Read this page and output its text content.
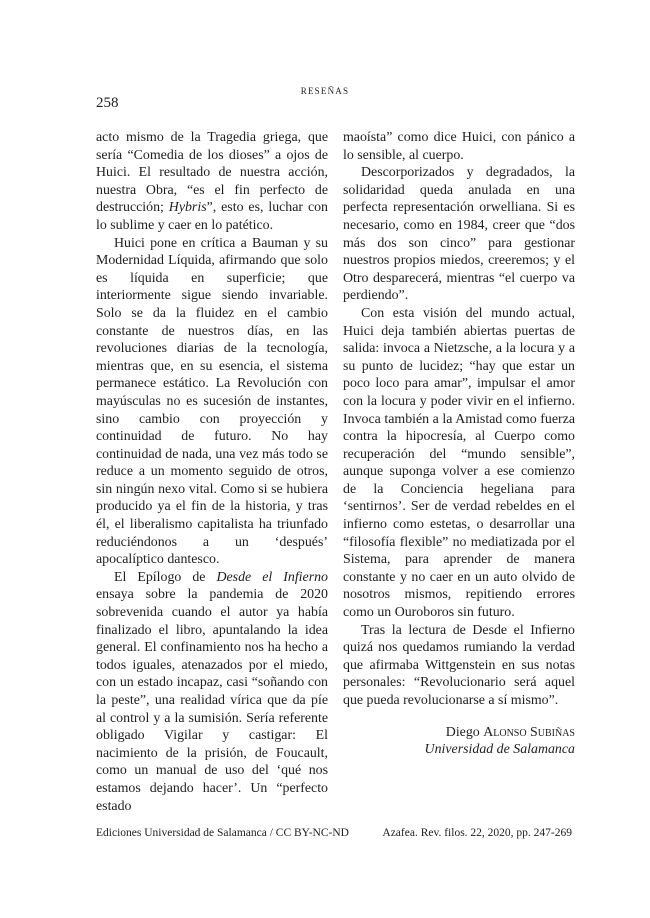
RESEÑAS
258

acto mismo de la Tragedia griega, que sería “Comedia de los dioses” a ojos de Huici. El resultado de nuestra acción, nuestra Obra, “es el fin perfecto de destrucción; Hybris”, esto es, luchar con lo sublime y caer en lo patético.

Huici pone en crítica a Bauman y su Modernidad Líquida, afirmando que solo es líquida en superficie; que interiormente sigue siendo invariable. Solo se da la fluidez en el cambio constante de nuestros días, en las revoluciones diarias de la tecnología, mientras que, en su esencia, el sistema permanece estático. La Revolución con mayúsculas no es sucesión de instantes, sino cambio con proyección y continuidad de futuro. No hay continuidad de nada, una vez más todo se reduce a un momento seguido de otros, sin ningún nexo vital. Como si se hubiera producido ya el fin de la historia, y tras él, el liberalismo capitalista ha triunfado reduciéndonos a un ‘después’ apocalíptico dantesco.

El Epílogo de Desde el Infierno ensaya sobre la pandemia de 2020 sobrevenida cuando el autor ya había finalizado el libro, apuntalando la idea general. El confinamiento nos ha hecho a todos iguales, atenazados por el miedo, con un estado incapaz, casi “soñando con la peste”, una realidad vírica que da píe al control y a la sumisión. Sería referente obligado Vigilar y castigar: El nacimiento de la prisión, de Foucault, como un manual de uso del ‘qué nos estamos dejando hacer’. Un “perfecto estado

maoísta” como dice Huici, con pánico a lo sensible, al cuerpo.

Descorporizados y degradados, la solidaridad queda anulada en una perfecta representación orwelliana. Si es necesario, como en 1984, creer que “dos más dos son cinco” para gestionar nuestros propios miedos, creeremos; y el Otro desparecerá, mientras “el cuerpo va perdiendo”.

Con esta visión del mundo actual, Huici deja también abiertas puertas de salida: invoca a Nietzsche, a la locura y a su punto de lucidez; “hay que estar un poco loco para amar”, impulsar el amor con la locura y poder vivir en el infierno. Invoca también a la Amistad como fuerza contra la hipocresía, al Cuerpo como recuperación del “mundo sensible”, aunque suponga volver a ese comienzo de la Conciencia hegeliana para ‘sentirnos’. Ser de verdad rebeldes en el infierno como estetas, o desarrollar una “filosofía flexible” no mediatizada por el Sistema, para aprender de manera constante y no caer en un auto olvido de nosotros mismos, repitiendo errores como un Ouroboros sin futuro.

Tras la lectura de Desde el Infierno quizá nos quedamos rumiando la verdad que afirmaba Wittgenstein en sus notas personales: “Revolucionario será aquel que pueda revolucionarse a sí mismo”.

Diego Alonso Subiñas
Universidad de Salamanca
Ediciones Universidad de Salamanca / CC BY-NC-ND	Azafea. Rev. filos. 22, 2020, pp. 247-269
